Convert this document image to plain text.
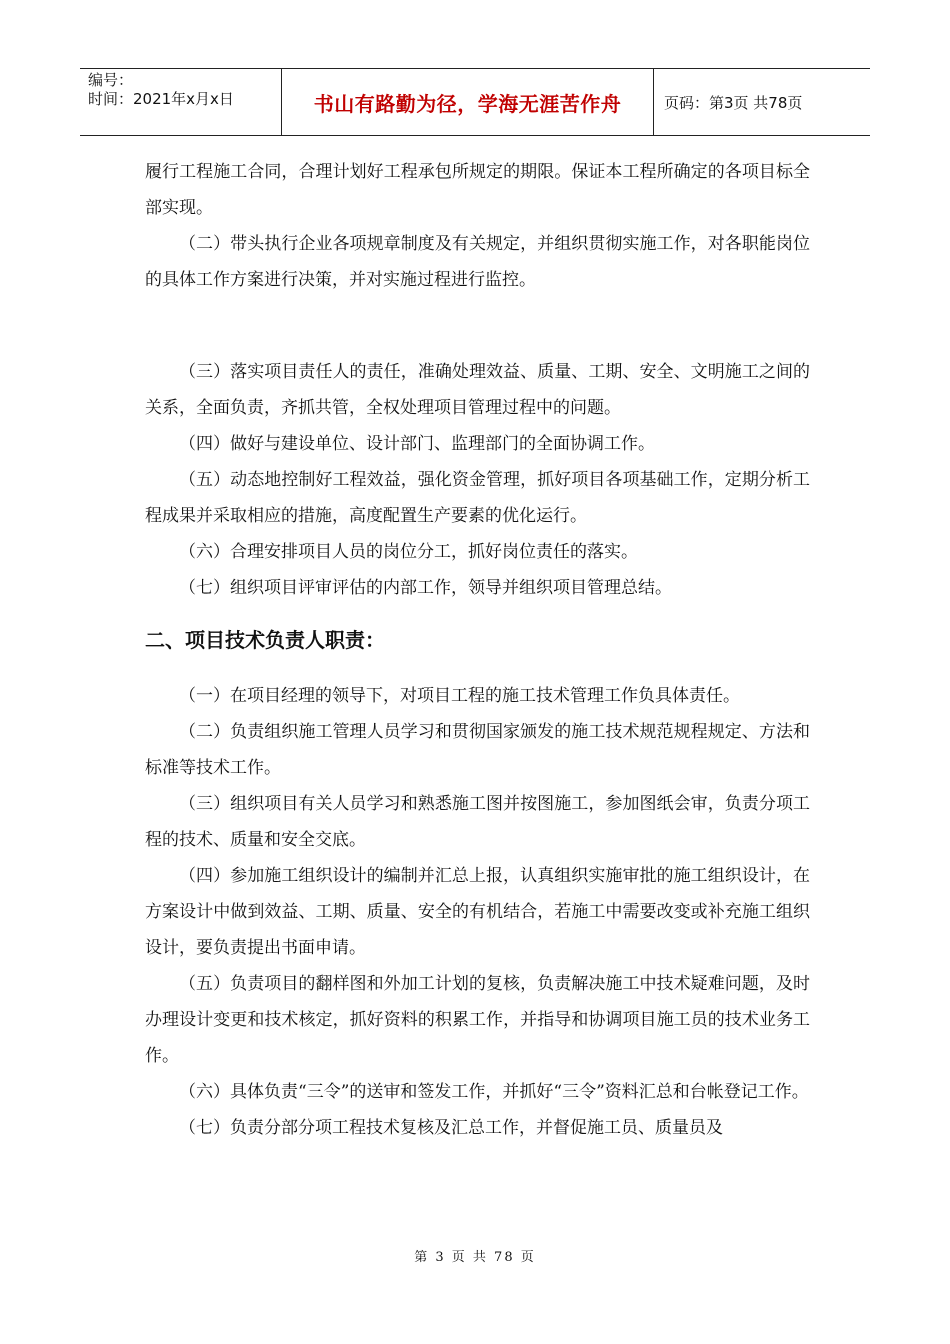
编号：
时间：2021年x月x日	书山有路勤为径，学海无涯苦作舟	页码：第3页 共78页

履行工程施工合同，合理计划好工程承包所规定的期限。保证本工程所确定的各项目标全部实现。

（二）带头执行企业各项规章制度及有关规定，并组织贯彻实施工作，对各职能岗位的具体工作方案进行决策，并对实施过程进行监控。

（三）落实项目责任人的责任，准确处理效益、质量、工期、安全、文明施工之间的关系，全面负责，齐抓共管，全权处理项目管理过程中的问题。

（四）做好与建设单位、设计部门、监理部门的全面协调工作。

（五）动态地控制好工程效益，强化资金管理，抓好项目各项基础工作，定期分析工程成果并采取相应的措施，高度配置生产要素的优化运行。

（六）合理安排项目人员的岗位分工，抓好岗位责任的落实。

（七）组织项目评审评估的内部工作，领导并组织项目管理总结。

二、项目技术负责人职责：

（一）在项目经理的领导下，对项目工程的施工技术管理工作负具体责任。

（二）负责组织施工管理人员学习和贯彻国家颁发的施工技术规范规程规定、方法和标准等技术工作。

（三）组织项目有关人员学习和熟悉施工图并按图施工，参加图纸会审，负责分项工程的技术、质量和安全交底。

（四）参加施工组织设计的编制并汇总上报，认真组织实施审批的施工组织设计，在方案设计中做到效益、工期、质量、安全的有机结合，若施工中需要改变或补充施工组织设计，要负责提出书面申请。

（五）负责项目的翻样图和外加工计划的复核，负责解决施工中技术疑难问题，及时办理设计变更和技术核定，抓好资料的积累工作，并指导和协调项目施工员的技术业务工作。

（六）具体负责“三令”的送审和签发工作，并抓好“三令”资料汇总和台帐登记工作。

（七）负责分部分项工程技术复核及汇总工作，并督促施工员、质量员及

第 3 页 共 78 页
